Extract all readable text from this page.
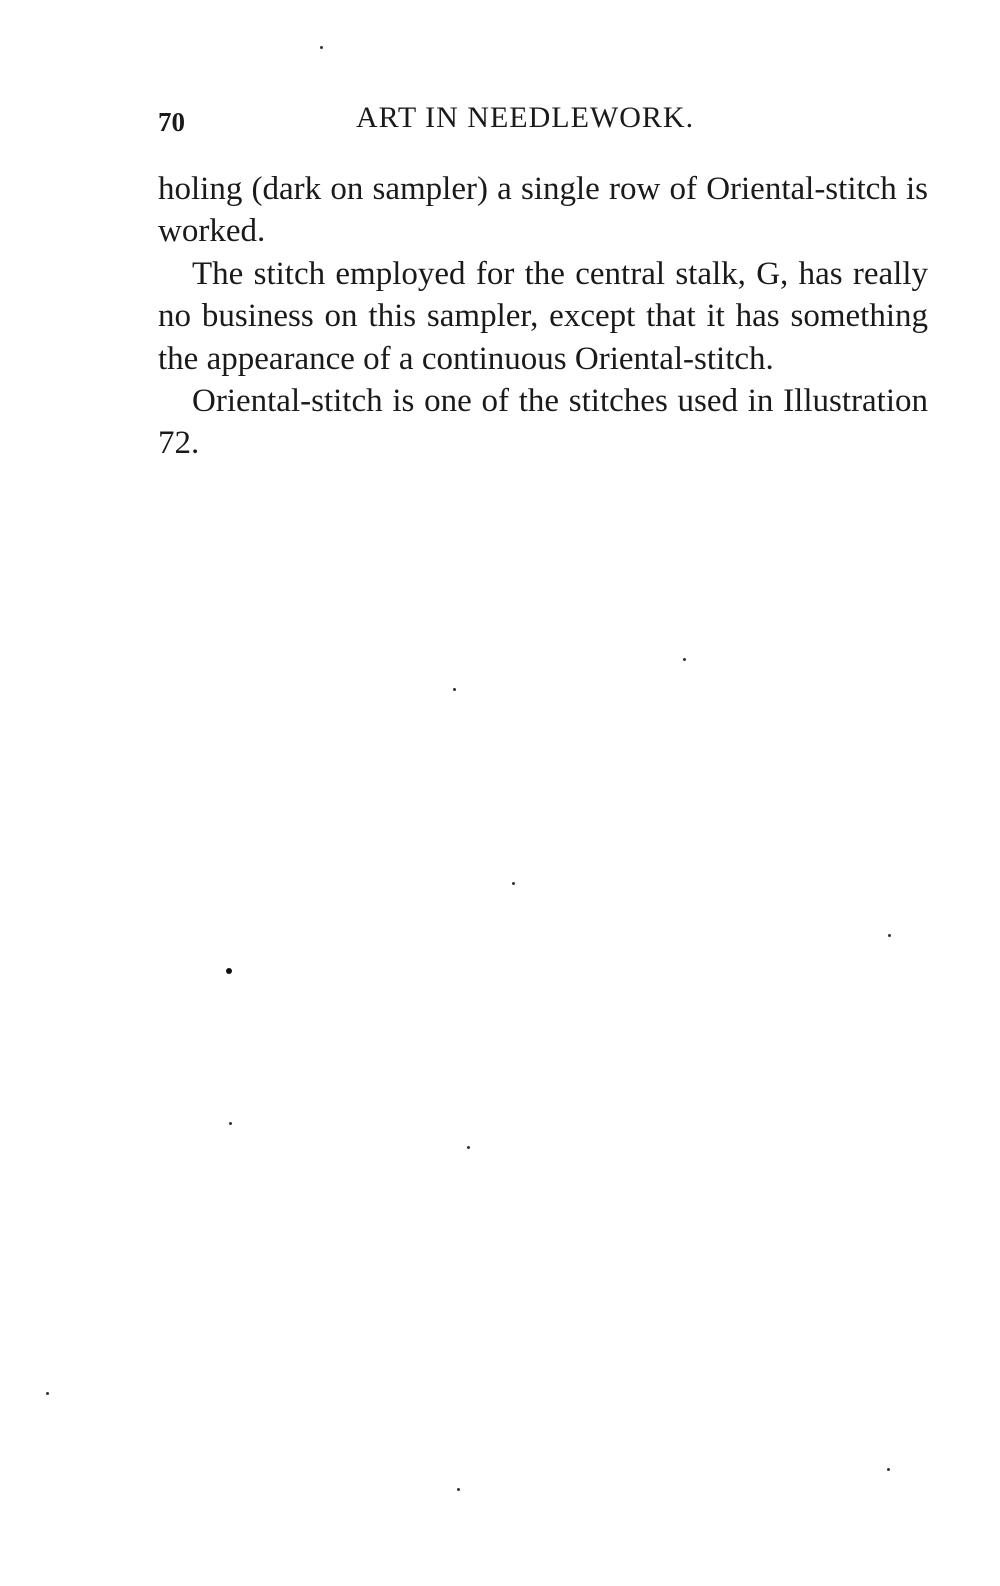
70	ART IN NEEDLEWORK.

holing (dark on sampler) a single row of Oriental-stitch is worked.

The stitch employed for the central stalk, G, has really no business on this sampler, except that it has something the appearance of a continuous Oriental-stitch.

Oriental-stitch is one of the stitches used in Illustration 72.
